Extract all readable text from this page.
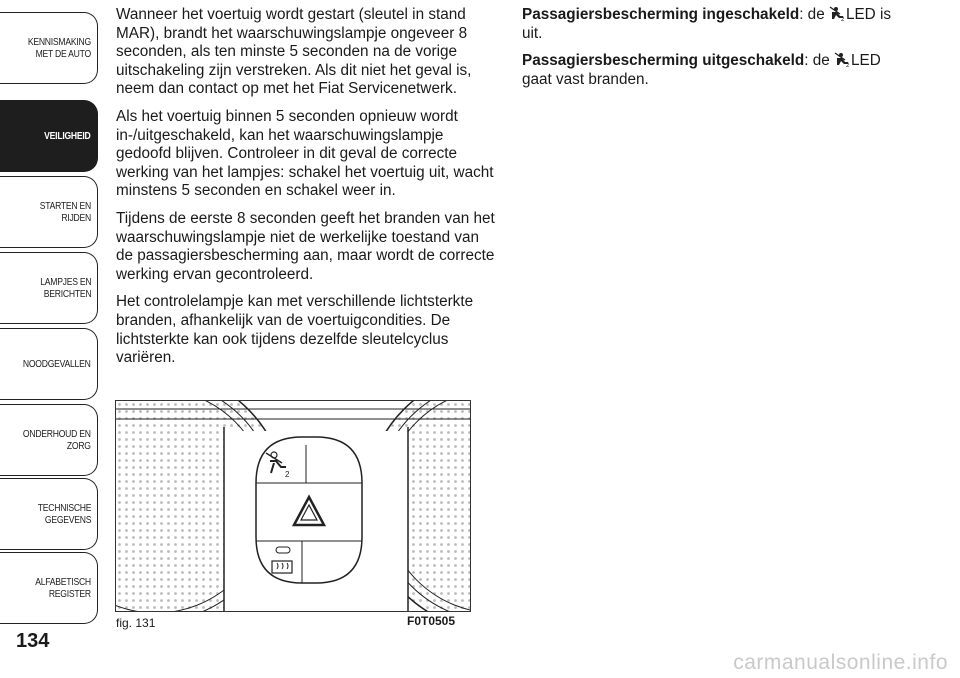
KENNISMAKING
MET DE AUTO
VEILIGHEID
STARTEN EN RIJDEN
LAMPJES EN
BERICHTEN
NOODGEVALLEN
ONDERHOUD EN
ZORG
TECHNISCHE
GEGEVENS
ALFABETISCH
REGISTER
134

Wanneer het voertuig wordt gestart (sleutel in stand MAR), brandt het waarschuwingslampje ongeveer 8 seconden, als ten minste 5 seconden na de vorige uitschakeling zijn verstreken. Als dit niet het geval is, neem dan contact op met het Fiat Servicenetwerk.

Als het voertuig binnen 5 seconden opnieuw wordt in-/uitgeschakeld, kan het waarschuwingslampje gedoofd blijven. Controleer in dit geval de correcte werking van het lampjes: schakel het voertuig uit, wacht minstens 5 seconden en schakel weer in.

Tijdens de eerste 8 seconden geeft het branden van het waarschuwingslampje niet de werkelijke toestand van de passagiersbescherming aan, maar wordt de correcte werking ervan gecontroleerd.

Het controlelampje kan met verschillende lichtsterkte branden, afhankelijk van de voertuigcondities. De lichtsterkte kan ook tijdens dezelfde sleutelcyclus variëren.

Passagiersbescherming ingeschakeld: de 2 LED is uit.

Passagiersbescherming uitgeschakeld: de 2 LED gaat vast branden.

2
fig. 131	F0T0505
carmanualsonline.info
